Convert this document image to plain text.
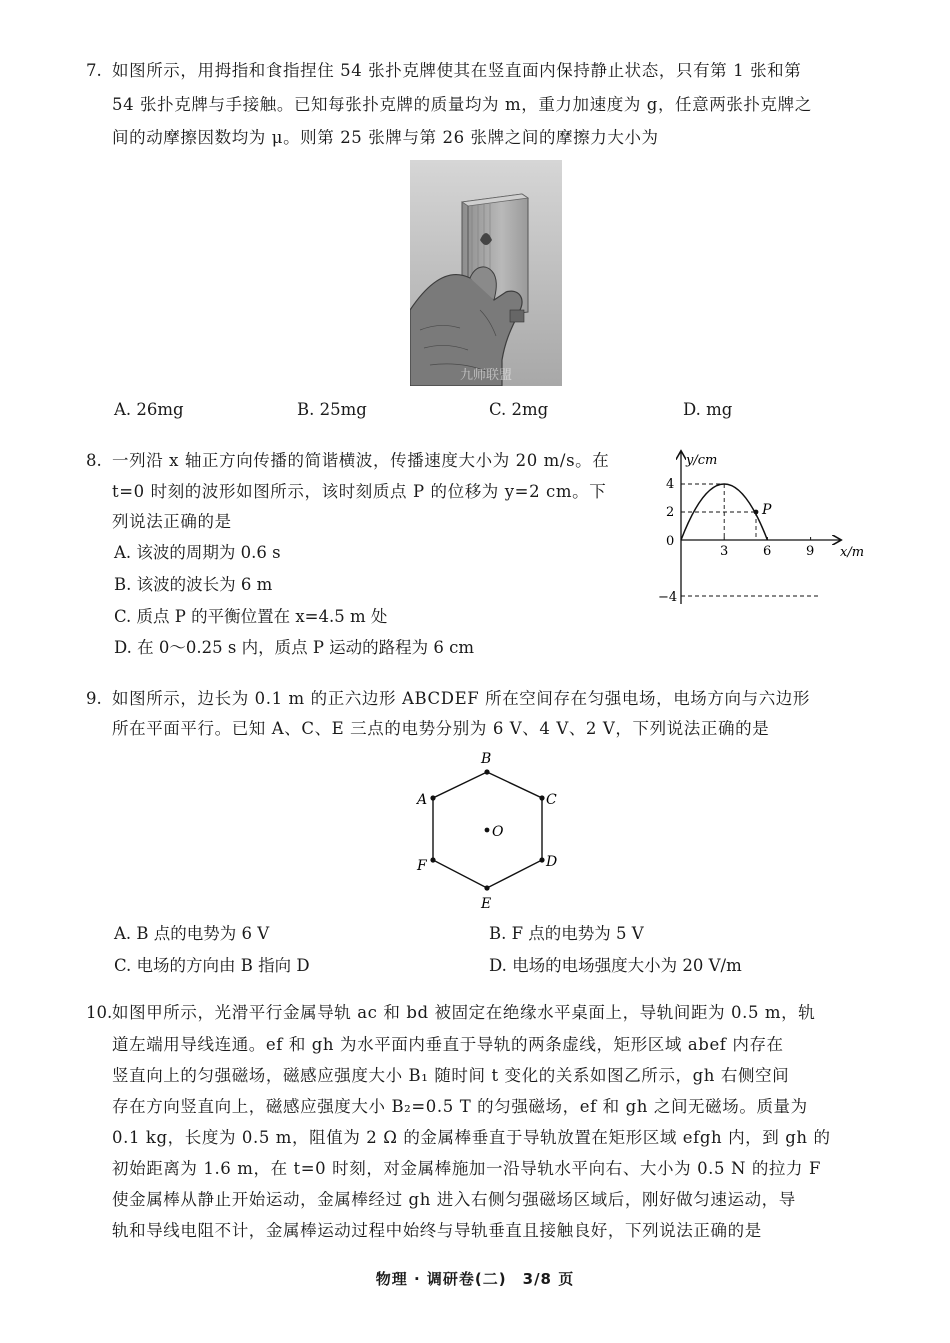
7. 如图所示，用拇指和食指捏住 54 张扑克牌使其在竖直面内保持静止状态，只有第 1 张和第
54 张扑克牌与手接触。已知每张扑克牌的质量均为 m，重力加速度为 g，任意两张扑克牌之
间的动摩擦因数均为 μ。则第 25 张牌与第 26 张牌之间的摩擦力大小为
九师联盟
A. 26mg	B. 25mg	C. 2mg	D. mg
8. 一列沿 x 轴正方向传播的简谐横波，传播速度大小为 20 m/s。在
t=0 时刻的波形如图所示，该时刻质点 P 的位移为 y=2 cm。下
列说法正确的是
A. 该波的周期为 0.6 s
B. 该波的波长为 6 m
C. 质点 P 的平衡位置在 x=4.5 m 处
D. 在 0～0.25 s 内，质点 P 运动的路程为 6 cm
P
y/cm
x/m
0
4
2
−4
3	6	9
9. 如图所示，边长为 0.1 m 的正六边形 ABCDEF 所在空间存在匀强电场，电场方向与六边形
所在平面平行。已知 A、C、E 三点的电势分别为 6 V、4 V、2 V，下列说法正确的是
B
A	C
F	D
E
O
A. B 点的电势为 6 V	B. F 点的电势为 5 V
C. 电场的方向由 B 指向 D	D. 电场的电场强度大小为 20 V/m
10. 如图甲所示，光滑平行金属导轨 ac 和 bd 被固定在绝缘水平桌面上，导轨间距为 0.5 m，轨
道左端用导线连通。ef 和 gh 为水平面内垂直于导轨的两条虚线，矩形区域 abef 内存在
竖直向上的匀强磁场，磁感应强度大小 B₁ 随时间 t 变化的关系如图乙所示，gh 右侧空间
存在方向竖直向上，磁感应强度大小 B₂=0.5 T 的匀强磁场，ef 和 gh 之间无磁场。质量为
0.1 kg，长度为 0.5 m，阻值为 2 Ω 的金属棒垂直于导轨放置在矩形区域 efgh 内，到 gh 的
初始距离为 1.6 m，在 t=0 时刻，对金属棒施加一沿导轨水平向右、大小为 0.5 N 的拉力 F
使金属棒从静止开始运动，金属棒经过 gh 进入右侧匀强磁场区域后，刚好做匀速运动，导
轨和导线电阻不计，金属棒运动过程中始终与导轨垂直且接触良好，下列说法正确的是
物理 · 调研卷(二)　3/8 页
